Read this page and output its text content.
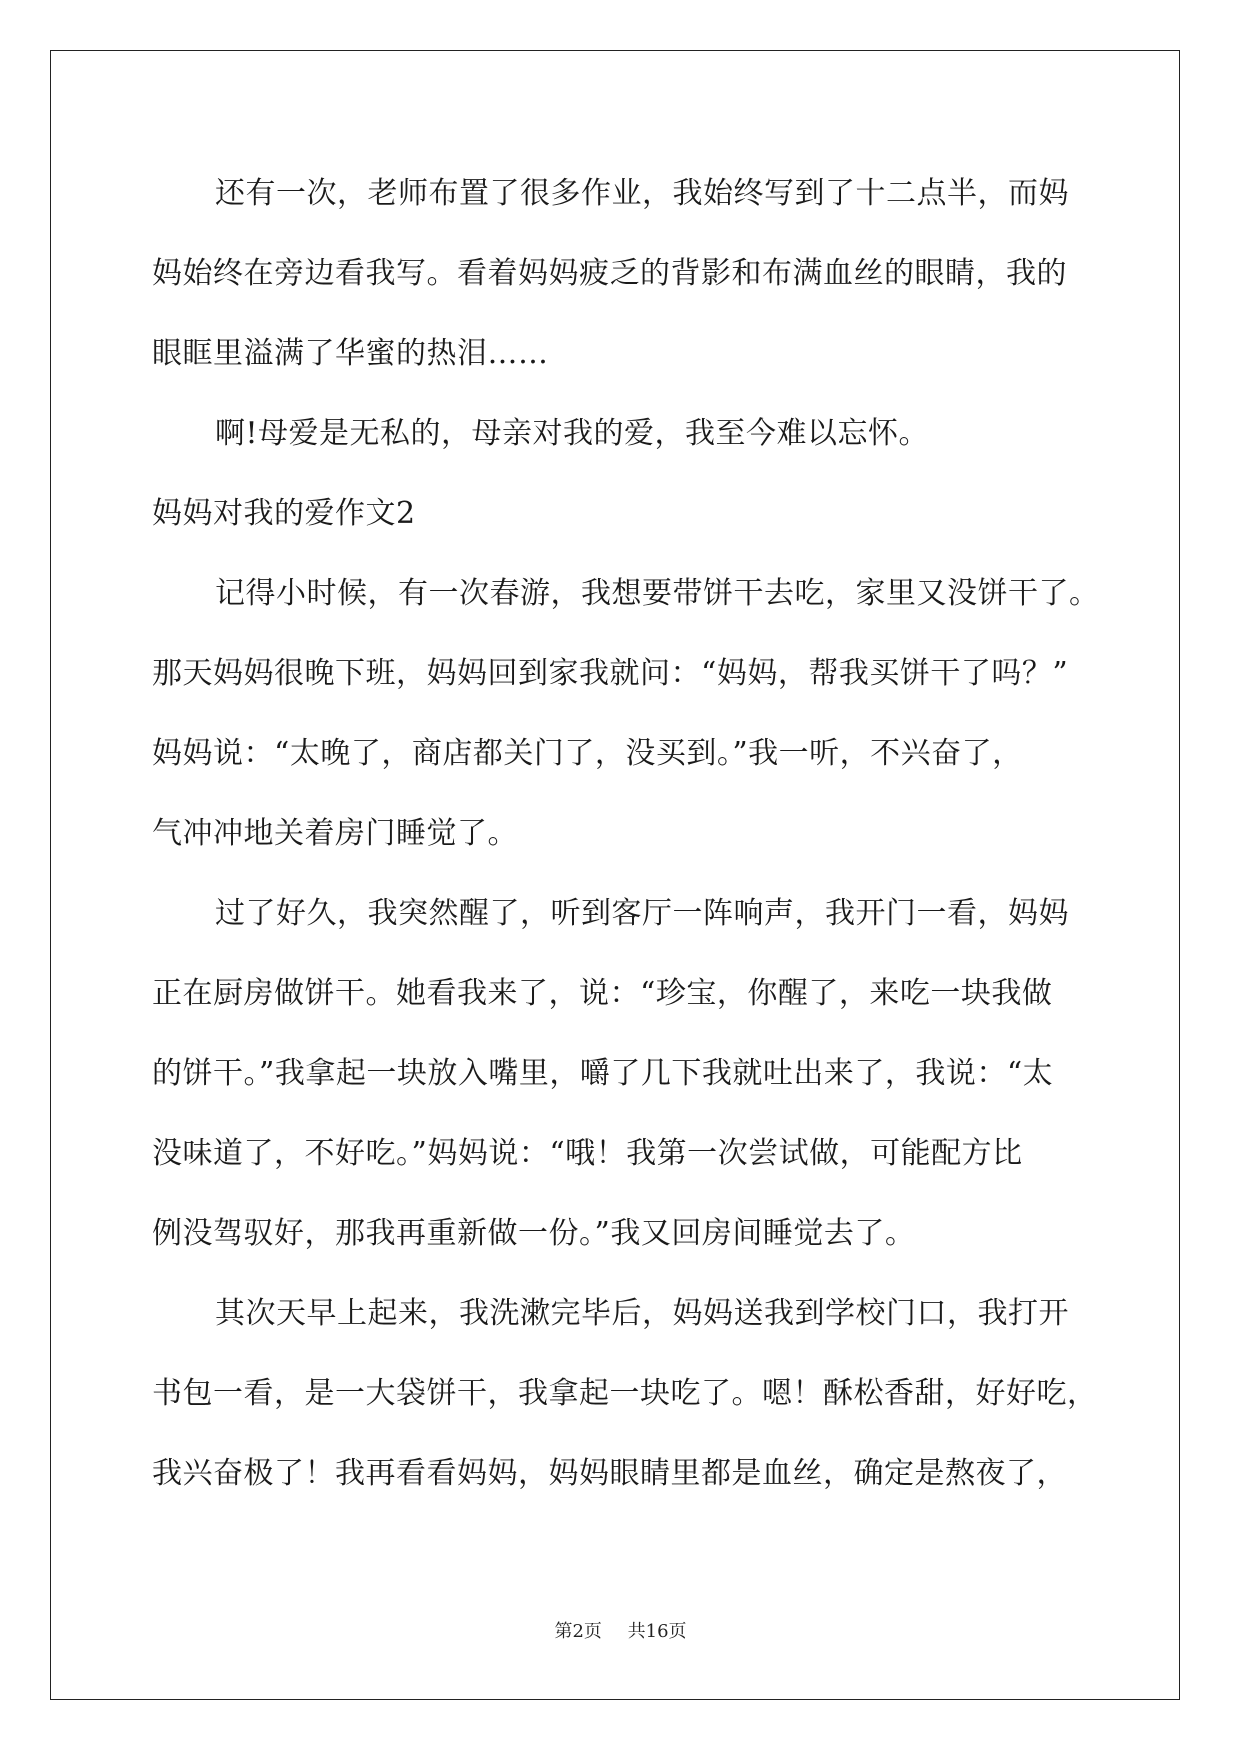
还有一次，老师布置了很多作业，我始终写到了十二点半，而妈
妈始终在旁边看我写。看着妈妈疲乏的背影和布满血丝的眼睛，我的
眼眶里溢满了华蜜的热泪……
啊!母爱是无私的，母亲对我的爱，我至今难以忘怀。
妈妈对我的爱作文2
记得小时候，有一次春游，我想要带饼干去吃，家里又没饼干了。
那天妈妈很晚下班，妈妈回到家我就问：“妈妈，帮我买饼干了吗？”
妈妈说：“太晚了，商店都关门了，没买到。”我一听，不兴奋了，
气冲冲地关着房门睡觉了。
过了好久，我突然醒了，听到客厅一阵响声，我开门一看，妈妈
正在厨房做饼干。她看我来了，说：“珍宝，你醒了，来吃一块我做
的饼干。”我拿起一块放入嘴里，嚼了几下我就吐出来了，我说：“太
没味道了，不好吃。”妈妈说：“哦！我第一次尝试做，可能配方比
例没驾驭好，那我再重新做一份。”我又回房间睡觉去了。
其次天早上起来，我洗漱完毕后，妈妈送我到学校门口，我打开
书包一看，是一大袋饼干，我拿起一块吃了。嗯！酥松香甜，好好吃，
我兴奋极了！我再看看妈妈，妈妈眼睛里都是血丝，确定是熬夜了，
第2页 共16页
